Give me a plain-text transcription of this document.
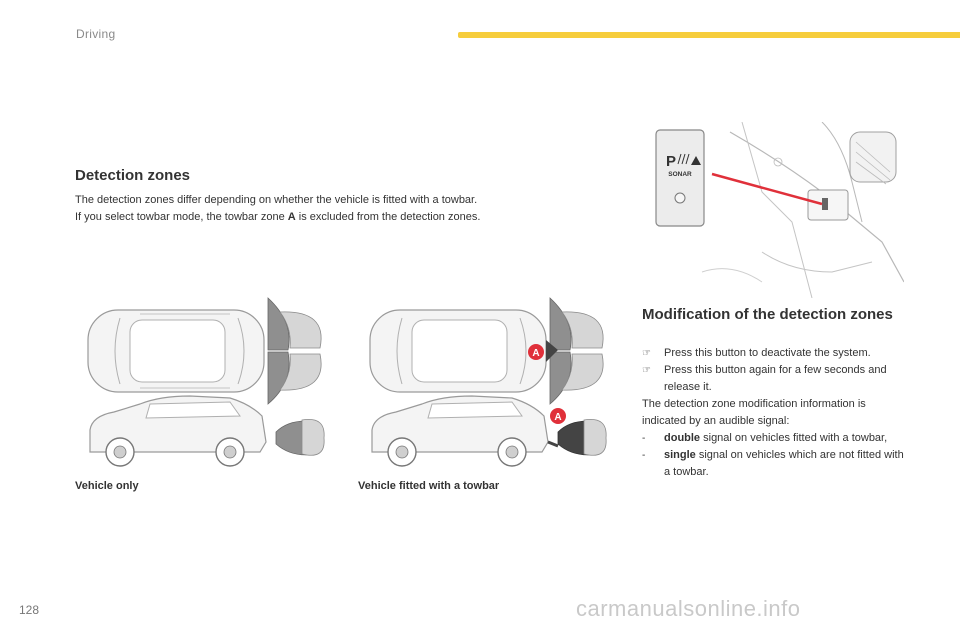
Driving
Detection zones
The detection zones differ depending on whether the vehicle is fitted with a towbar.
If you select towbar mode, the towbar zone A is excluded from the detection zones.
A
A
Vehicle only	Vehicle fitted with a towbar
P
SONAR
Modification of the detection zones
☞	Press this button to deactivate the system.
☞	Press this button again for a few seconds and release it.
The detection zone modification information is indicated by an audible signal:
-	double signal on vehicles fitted with a towbar,
-	single signal on vehicles which are not fitted with a towbar.
128	carmanualsonline.info
